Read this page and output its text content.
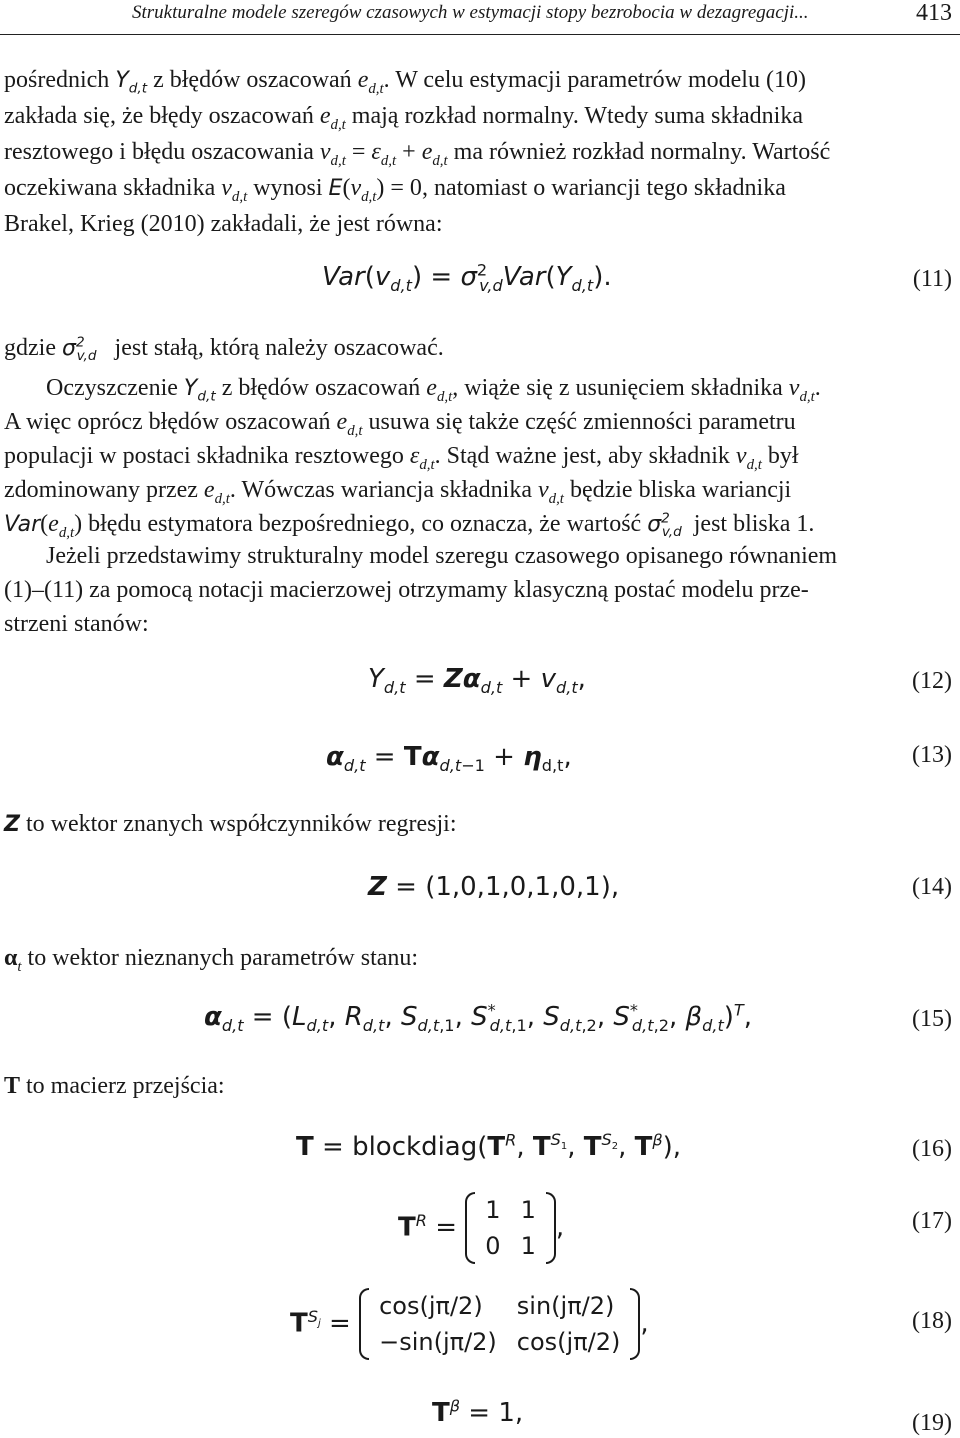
Strukturalne modele szeregów czasowych w estymacji stopy bezrobocia w dezagregacji...	413

pośrednich $Y_{d,t}$ z błędów oszacowań $e_{d,t}$. W celu estymacji parametrów modelu (10)

zakłada się, że błędy oszacowań $e_{d,t}$ mają rozkład normalny. Wtedy suma składnika

resztowego i błędu oszacowania $v_{d,t} = \varepsilon_{d,t} + e_{d,t}$ ma również rozkład normalny. Wartość

oczekiwana składnika $v_{d,t}$ wynosi $E(v_{d,t}) = 0$, natomiast o wariancji tego składnika

Brakel, Krieg (2010) zakładali, że jest równa:

$Var(v_{d,t}) = \sigma^2_{v,d}Var(Y_{d,t})$.	(11)

gdzie $\sigma^2_{v,d}$   jest stałą, którą należy oszacować.

Oczyszczenie $Y_{d,t}$ z błędów oszacowań $e_{d,t}$, wiąże się z usunięciem składnika $v_{d,t}$.

A więc oprócz błędów oszacowań $e_{d,t}$ usuwa się także część zmienności parametru

populacji w postaci składnika resztowego $\varepsilon_{d,t}$. Stąd ważne jest, aby składnik $v_{d,t}$ był

zdominowany przez $e_{d,t}$. Wówczas wariancja składnika $v_{d,t}$ będzie bliska wariancji

$Var(e_{d,t})$ błędu estymatora bezpośredniego, co oznacza, że wartość $\sigma^2_{v,d}$  jest bliska 1.

Jeżeli przedstawimy strukturalny model szeregu czasowego opisanego równaniem

(1)–(11) za pomocą notacji macierzowej otrzymamy klasyczną postać modelu prze-

strzeni stanów:

$Y_{d,t} = Z\alpha_{d,t} + v_{d,t}$,	(12)
$\alpha_{d,t} = T\alpha_{d,t-1} + \eta_{d,t}$,	(13)

Z to wektor znanych współczynników regresji:

Z = (1,0,1,0,1,0,1),	(14)

$\alpha_t$ to wektor nieznanych parametrów stanu:

$\alpha_{d,t} = (L_{d,t}$, $R_{d,t}$, $S_{d,t,1}$, $S^*_{d,t,1}$, $S_{d,t,2}$, $S^*_{d,t,2}$, $\beta_{d,t})^T$,	(15)

T to macierz przejścia:

$T = blockdiag(T^R$, $T^{S_1}$, $T^{S_2}$, $T^\beta$),	(16)
$T^R$ =
1	1
0	1
,	(17)
$T^{S_j}$ =
cos(jπ/2)	sin(jπ/2)
−sin(jπ/2)	cos(jπ/2)
,	(18)
$T^\beta = 1$,	(19)
